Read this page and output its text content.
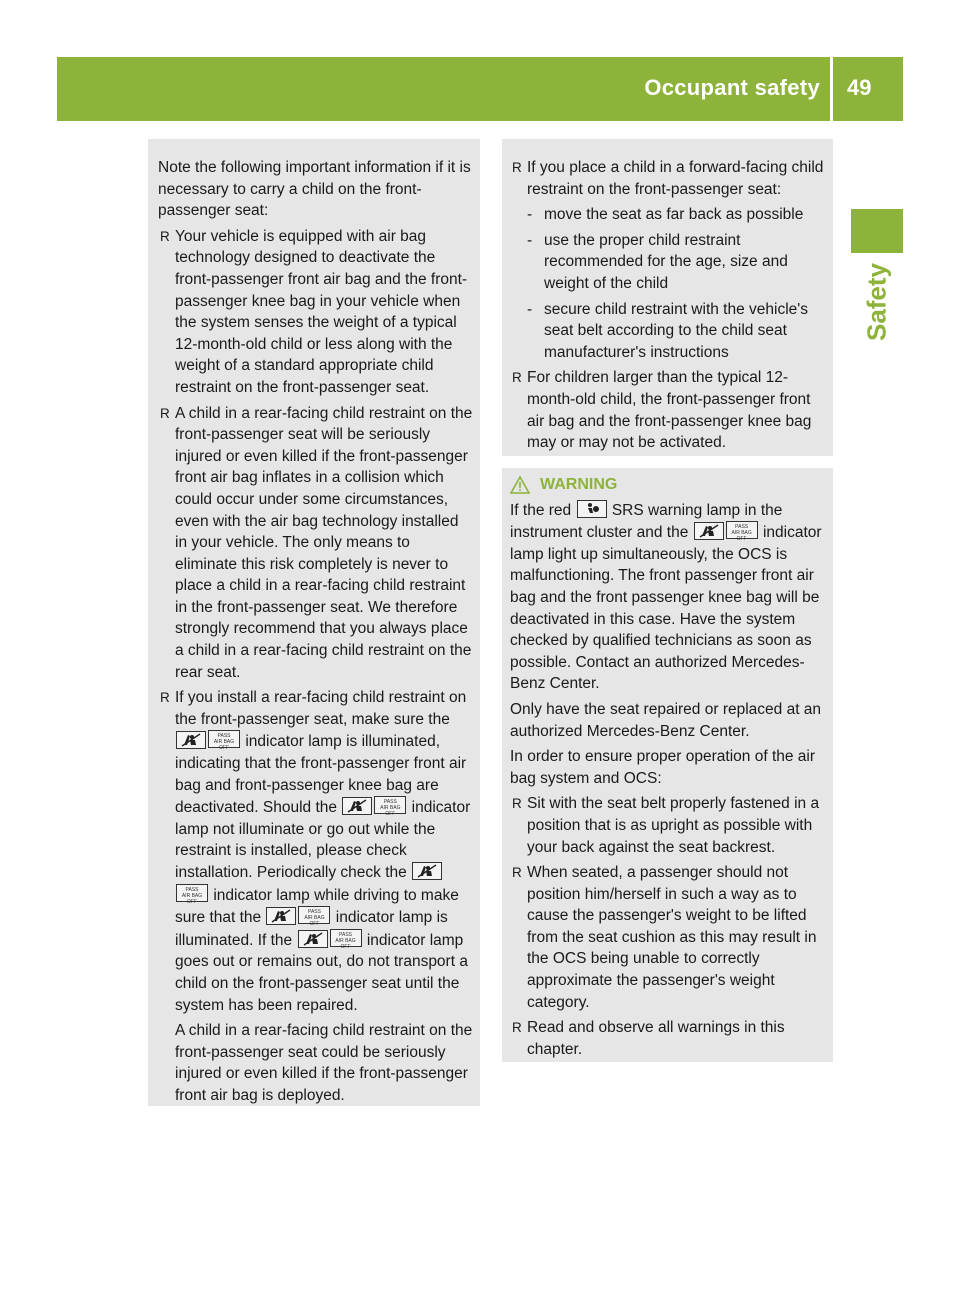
Occupant safety 49
Safety

Note the following important information if it is necessary to carry a child on the front-passenger seat:

R Your vehicle is equipped with air bag technology designed to deactivate the front-passenger front air bag and the front-passenger knee bag in your vehicle when the system senses the weight of a typical 12-month-old child or less along with the weight of a standard appropriate child restraint on the front-passenger seat.
R A child in a rear-facing child restraint on the front-passenger seat will be seriously injured or even killed if the front-passenger front air bag inflates in a collision which could occur under some circumstances, even with the air bag technology installed in your vehicle. The only means to eliminate this risk completely is never to place a child in a rear-facing child restraint in the front-passenger seat. We therefore strongly recommend that you always place a child in a rear-facing child restraint on the rear seat.
R If you install a rear-facing child restraint on the front-passenger seat, make sure the
PASS
AIR BAG OFF indicator lamp is illuminated, indicating that the front-passenger front air bag and front-passenger knee bag are deactivated. Should the	PASS
AIR BAG OFF indicator lamp not illuminate or go out while the restraint is installed, please check installation. Periodically check the
PASS
AIR BAG OFF indicator lamp while driving to make sure that the	PASS
AIR BAG OFF indicator lamp is illuminated. If the	PASS
AIR BAG OFF indicator lamp goes out or remains out, do not transport a child on the front-passenger seat until the system has been repaired.

A child in a rear-facing child restraint on the front-passenger seat could be seriously injured or even killed if the front-passenger front air bag is deployed.

R If you place a child in a forward-facing child restraint on the front-passenger seat:
- move the seat as far back as possible
- use the proper child restraint recommended for the age, size and weight of the child
- secure child restraint with the vehicle's seat belt according to the child seat manufacturer's instructions
R For children larger than the typical 12-month-old child, the front-passenger front air bag and the front-passenger knee bag may or may not be activated.
WARNING

If the red	SRS warning lamp in the instrument cluster and the	PASS
AIR BAG OFF indicator lamp light up simultaneously, the OCS is malfunctioning. The front passenger front air bag and the front passenger knee bag will be deactivated in this case. Have the system checked by qualified technicians as soon as possible. Contact an authorized Mercedes-Benz Center.

Only have the seat repaired or replaced at an authorized Mercedes-Benz Center.

In order to ensure proper operation of the air bag system and OCS:

R Sit with the seat belt properly fastened in a position that is as upright as possible with your back against the seat backrest.
R When seated, a passenger should not position him/herself in such a way as to cause the passenger's weight to be lifted from the seat cushion as this may result in the OCS being unable to correctly approximate the passenger's weight category.
R Read and observe all warnings in this chapter.
